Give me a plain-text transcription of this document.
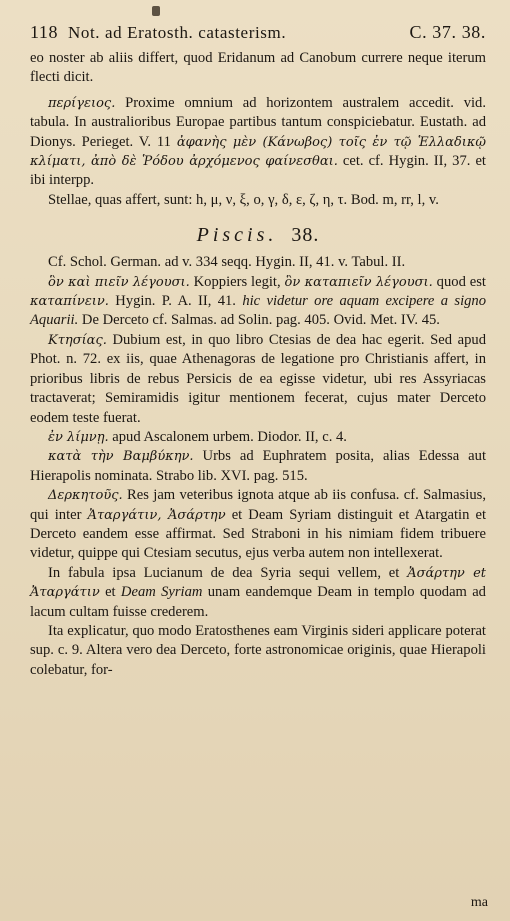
118 Not. ad Eratosth. catasterism.	C. 37. 38.

eo noster ab aliis differt, quod Eridanum ad Canobum currere neque iterum flecti dicit.

περίγειος. Proxime omnium ad horizontem australem accedit. vid. tabula. In australioribus Europae partibus tantum conspiciebatur. Eustath. ad Dionys. Perieget. V. 11 ἀφανὴς μὲν (Κάνωβος) τοῖς ἐν τῷ Ἑλλαδικῷ κλίματι, ἀπὸ δὲ Ῥόδου ἀρχόμενος φαίνεσθαι. cet. cf. Hygin. II, 37. et ibi interpp.

Stellae, quas affert, sunt: h, μ, ν, ξ, ο, γ, δ, ε, ζ, η, τ. Bod. m, rr, l, v.

Piscis. 38.

Cf. Schol. German. ad v. 334 seqq. Hygin. II, 41. v. Tabul. II.

ὃν καὶ πιεῖν λέγουσι. Koppiers legit, ὃν καταπιεῖν λέγουσι. quod est καταπίνειν. Hygin. P. A. II, 41. hic videtur ore aquam excipere a signo Aquarii. De Derceto cf. Salmas. ad Solin. pag. 405. Ovid. Met. IV. 45.

Κτησίας. Dubium est, in quo libro Ctesias de dea hac egerit. Sed apud Phot. n. 72. ex iis, quae Athenagoras de legatione pro Christianis affert, in prioribus libris de rebus Persicis de ea egisse videtur, ubi res Assyriacas tractaverat; Semiramidis igitur mentionem fecerat, cujus mater Derceto eodem teste fuerat.

ἐν λίμνῃ. apud Ascalonem urbem. Diodor. II, c. 4.

κατὰ τὴν Βαμβύκην. Urbs ad Euphratem posita, alias Edessa aut Hierapolis nominata. Strabo lib. XVI. pag. 515.

Δερκητοῦς. Res jam veteribus ignota atque ab iis confusa. cf. Salmasius, qui inter Ἀταργάτιν, Ἀσάρτην et Deam Syriam distinguit et Atargatin et Derceto eandem esse affirmat. Sed Straboni in his nimiam fidem tribuere videtur, quippe qui Ctesiam secutus, ejus verba autem non intellexerat.

In fabula ipsa Lucianum de dea Syria sequi vellem, et Ἀσάρτην et Ἀταργάτιν et Deam Syriam unam eandemque Deam in templo quodam ad lacum cultam fuisse crederem.

Ita explicatur, quo modo Eratosthenes eam Virginis sideri applicare poterat sup. c. 9. Altera vero dea Derceto, forte astronomicae originis, quae Hierapoli colebatur, for-

ma
